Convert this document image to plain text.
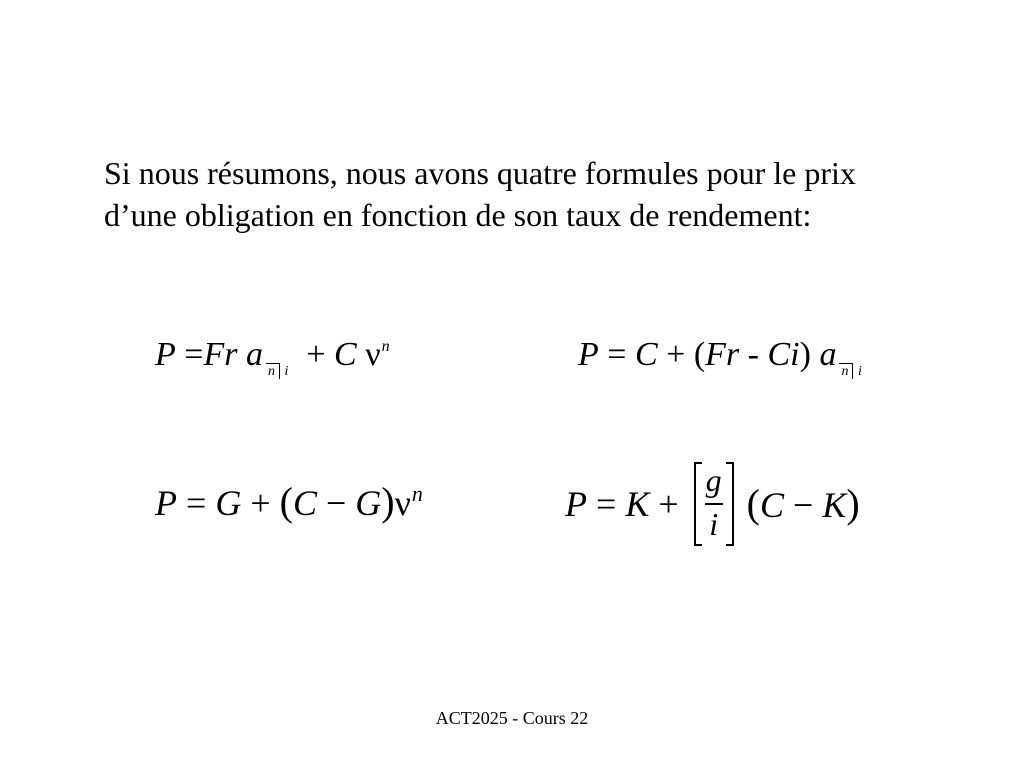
Si nous résumons, nous avons quatre formules pour le prix
d’une obligation en fonction de son taux de rendement:

P =Fr a $_{n i}$ + C $\nu^n$	P = C + (Fr - Ci) a $_{n i}$
$P = G + (C - G)\nu^n$	$P = K + \frac{g}{i} (C - K)$
ACT2025 - Cours 22
